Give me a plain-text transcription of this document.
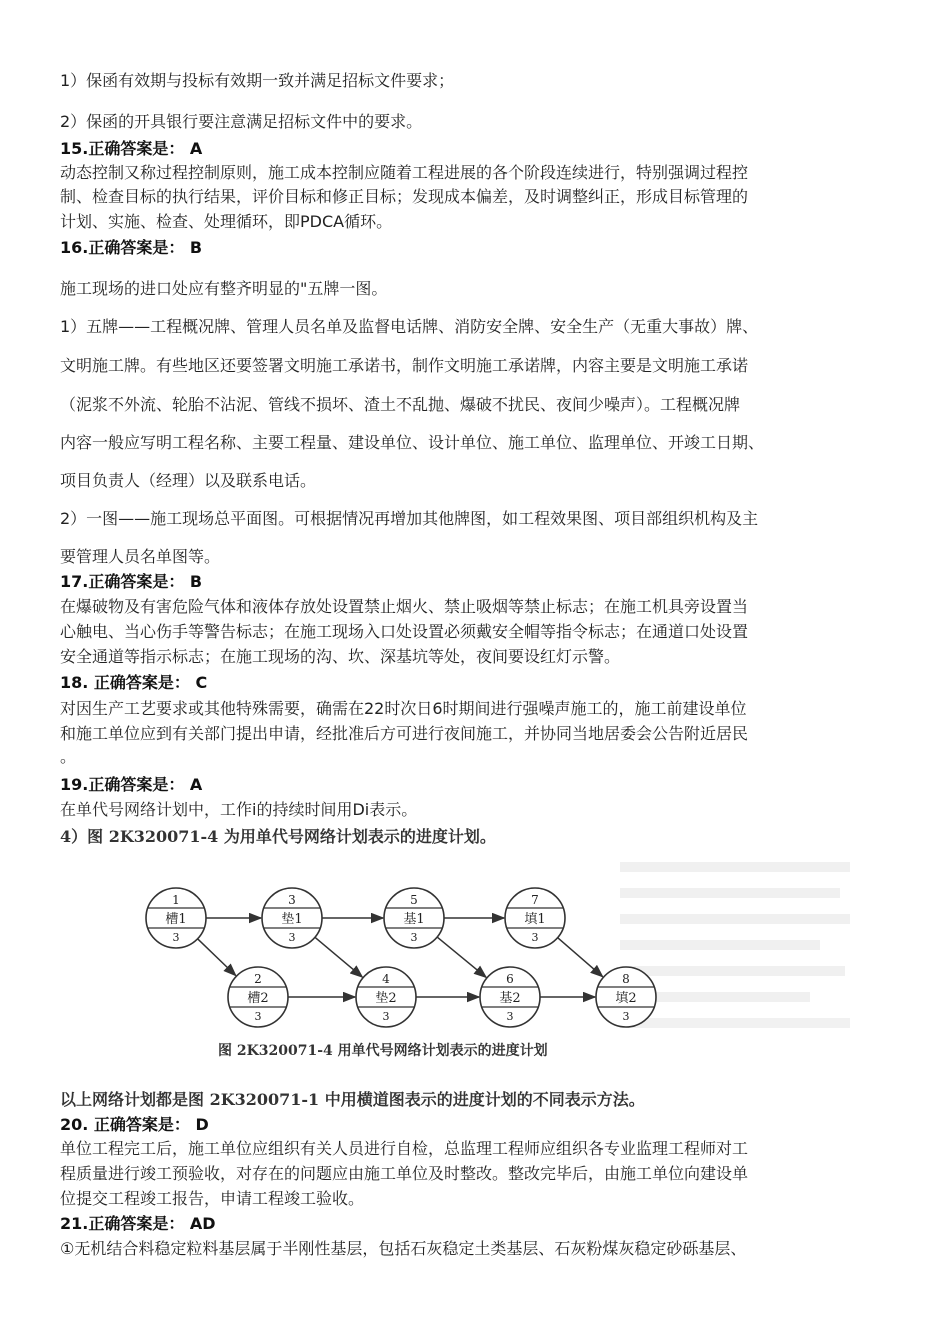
1）保函有效期与投标有效期一致并满足招标文件要求；
2）保函的开具银行要注意满足招标文件中的要求。
15.正确答案是： A
动态控制又称过程控制原则，施工成本控制应随着工程进展的各个阶段连续进行，特别强调过程控
制、检查目标的执行结果，评价目标和修正目标；发现成本偏差，及时调整纠正，形成目标管理的
计划、实施、检查、处理循环，即PDCA循环。
16.正确答案是： B
施工现场的进口处应有整齐明显的"五牌一图。
1）五牌——工程概况牌、管理人员名单及监督电话牌、消防安全牌、安全生产（无重大事故）牌、
文明施工牌。有些地区还要签署文明施工承诺书，制作文明施工承诺牌，内容主要是文明施工承诺
（泥浆不外流、轮胎不沾泥、管线不损坏、渣土不乱抛、爆破不扰民、夜间少噪声）。工程概况牌
内容一般应写明工程名称、主要工程量、建设单位、设计单位、施工单位、监理单位、开竣工日期、
项目负责人（经理）以及联系电话。
2）一图——施工现场总平面图。可根据情况再增加其他牌图，如工程效果图、项目部组织机构及主
要管理人员名单图等。
17.正确答案是： B
在爆破物及有害危险气体和液体存放处设置禁止烟火、禁止吸烟等禁止标志；在施工机具旁设置当
心触电、当心伤手等警告标志；在施工现场入口处设置必须戴安全帽等指令标志；在通道口处设置
安全通道等指示标志；在施工现场的沟、坎、深基坑等处，夜间要设红灯示警。
18. 正确答案是： C
对因生产工艺要求或其他特殊需要，确需在22时次日6时期间进行强噪声施工的，施工前建设单位
和施工单位应到有关部门提出申请，经批准后方可进行夜间施工，并协同当地居委会公告附近居民
。
19.正确答案是： A
在单代号网络计划中，工作i的持续时间用Di表示。
4）图 2K320071-4 为用单代号网络计划表示的进度计划。
1
槽1
3
3
垫1
3
5
基1
3
7
填1
3
2
槽2
3
4
垫2
3
6
基2
3
8
填2
3
图 2K320071-4 用单代号网络计划表示的进度计划
以上网络计划都是图 2K320071-1 中用横道图表示的进度计划的不同表示方法。
20. 正确答案是： D
单位工程完工后，施工单位应组织有关人员进行自检，总监理工程师应组织各专业监理工程师对工
程质量进行竣工预验收，对存在的问题应由施工单位及时整改。整改完毕后，由施工单位向建设单
位提交工程竣工报告，申请工程竣工验收。
21.正确答案是： AD
①无机结合料稳定粒料基层属于半刚性基层，包括石灰稳定土类基层、石灰粉煤灰稳定砂砾基层、
